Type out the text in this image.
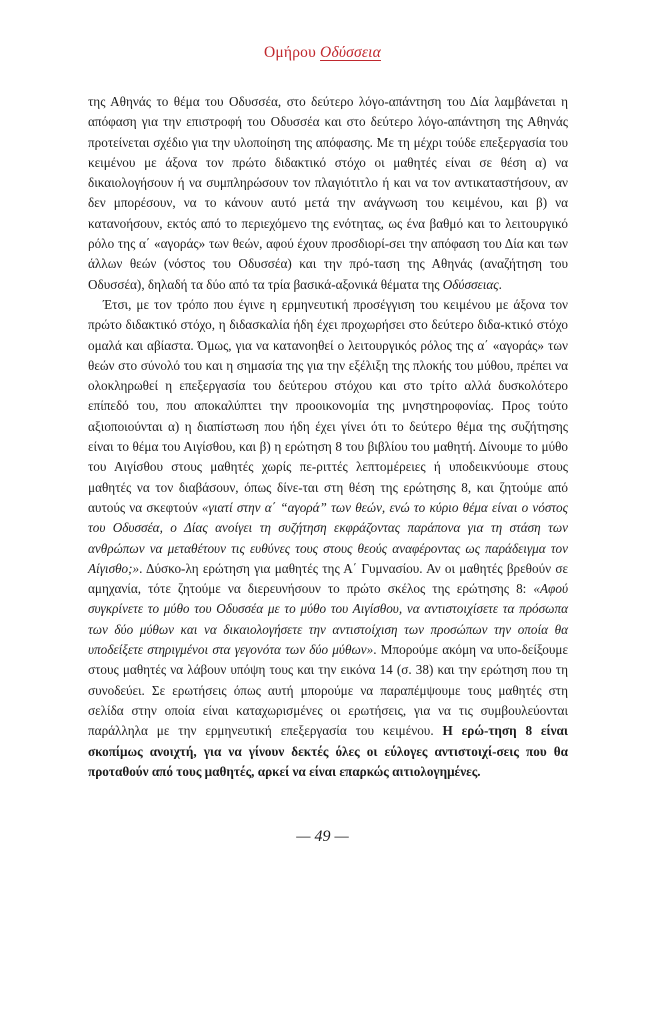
Ομήρου Οδύσσεια

της Αθηνάς το θέμα του Οδυσσέα, στο δεύτερο λόγο-απάντηση του Δία λαμβάνεται η απόφαση για την επιστροφή του Οδυσσέα και στο δεύτερο λόγο-απάντηση της Αθηνάς προτείνεται σχέδιο για την υλοποίηση της απόφασης. Με τη μέχρι τούδε επεξεργασία του κειμένου με άξονα τον πρώτο διδακτικό στόχο οι μαθητές είναι σε θέση α) να δικαιολογήσουν ή να συμπληρώσουν τον πλαγιότιτλο ή και να τον αντικαταστήσουν, αν δεν μπορέσουν, να το κάνουν αυτό μετά την ανάγνωση του κειμένου, και β) να κατανοήσουν, εκτός από το περιεχόμενο της ενότητας, ως ένα βαθμό και το λειτουργικό ρόλο της α΄ «αγοράς» των θεών, αφού έχουν προσδιορί-σει την απόφαση του Δία και των άλλων θεών (νόστος του Οδυσσέα) και την πρό-ταση της Αθηνάς (αναζήτηση του Οδυσσέα), δηλαδή τα δύο από τα τρία βασικά-αξονικά θέματα της Οδύσσειας.

Έτσι, με τον τρόπο που έγινε η ερμηνευτική προσέγγιση του κειμένου με άξονα τον πρώτο διδακτικό στόχο, η διδασκαλία ήδη έχει προχωρήσει στο δεύτερο διδα-κτικό στόχο ομαλά και αβίαστα. Όμως, για να κατανοηθεί ο λειτουργικός ρόλος της α΄ «αγοράς» των θεών στο σύνολό του και η σημασία της για την εξέλιξη της πλοκής του μύθου, πρέπει να ολοκληρωθεί η επεξεργασία του δεύτερου στόχου και στο τρίτο αλλά δυσκολότερο επίπεδό του, που αποκαλύπτει την προοικονομία της μνηστηροφονίας. Προς τούτο αξιοποιούνται α) η διαπίστωση που ήδη έχει γίνει ότι το δεύτερο θέμα της συζήτησης είναι το θέμα του Αιγίσθου, και β) η ερώτηση 8 του βιβλίου του μαθητή. Δίνουμε το μύθο του Αιγίσθου στους μαθητές χωρίς πε-ριττές λεπτομέρειες ή υποδεικνύουμε στους μαθητές να τον διαβάσουν, όπως δίνε-ται στη θέση της ερώτησης 8, και ζητούμε από αυτούς να σκεφτούν «γιατί στην α΄ “αγορά” των θεών, ενώ το κύριο θέμα είναι ο νόστος του Οδυσσέα, ο Δίας ανοίγει τη συζήτηση εκφράζοντας παράπονα για τη στάση των ανθρώπων να μεταθέτουν τις ευθύνες τους στους θεούς αναφέροντας ως παράδειγμα τον Αίγισθο;». Δύσκο-λη ερώτηση για μαθητές της Α΄ Γυμνασίου. Αν οι μαθητές βρεθούν σε αμηχανία, τότε ζητούμε να διερευνήσουν το πρώτο σκέλος της ερώτησης 8: «Αφού συγκρίνετε το μύθο του Οδυσσέα με το μύθο του Αιγίσθου, να αντιστοιχίσετε τα πρόσωπα των δύο μύθων και να δικαιολογήσετε την αντιστοίχιση των προσώπων την οποία θα υποδείξετε στηριγμένοι στα γεγονότα των δύο μύθων». Μπορούμε ακόμη να υπο-δείξουμε στους μαθητές να λάβουν υπόψη τους και την εικόνα 14 (σ. 38) και την ερώτηση που τη συνοδεύει. Σε ερωτήσεις όπως αυτή μπορούμε να παραπέμψουμε τους μαθητές στη σελίδα στην οποία είναι καταχωρισμένες οι ερωτήσεις, για να τις συμβουλεύονται παράλληλα με την ερμηνευτική επεξεργασία του κειμένου. Η ερώ-τηση 8 είναι σκοπίμως ανοιχτή, για να γίνουν δεκτές όλες οι εύλογες αντιστοιχί-σεις που θα προταθούν από τους μαθητές, αρκεί να είναι επαρκώς αιτιολογημένες.

— 49 —
